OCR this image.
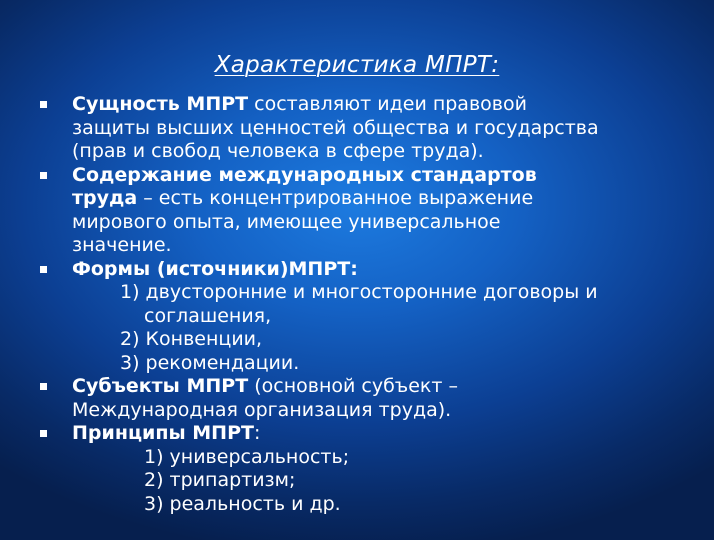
Характеристика МПРТ:
Сущность МПРТ составляют идеи правовой
защиты высших ценностей общества и государства
(прав и свобод человека в сфере труда).
Содержание международных стандартов
труда – есть концентрированное выражение
мирового опыта, имеющее универсальное
значение.
Формы (источники)МПРТ:
1) двусторонние и многосторонние договоры и
соглашения,
2) Конвенции,
3) рекомендации.
Субъекты МПРТ (основной субъект –
Международная организация труда).
Принципы МПРТ:
1) универсальность;
2) трипартизм;
3) реальность и др.
